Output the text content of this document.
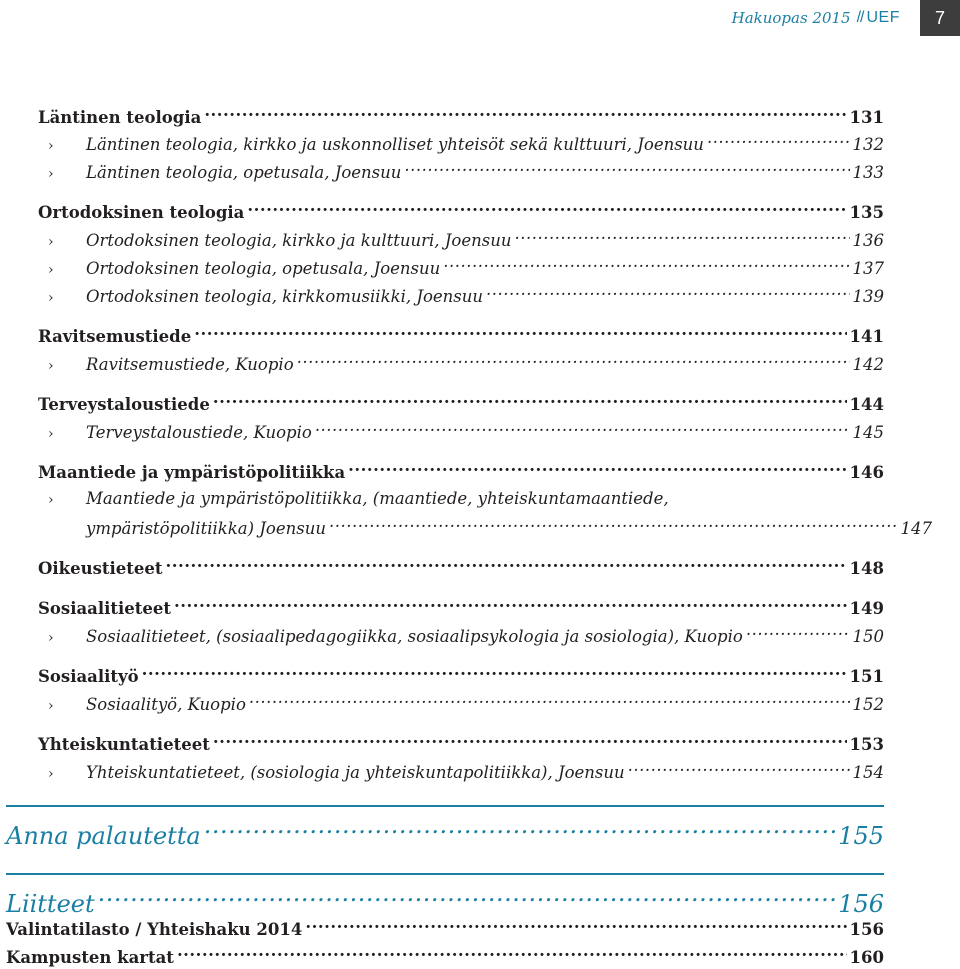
Hakuopas 2015 // UEF 7
Läntinen teologia .....	131
›	Läntinen teologia, kirkko ja uskonnolliset yhteisöt sekä kulttuuri, Joensuu .....	132
›	Läntinen teologia, opetusala, Joensuu .....	133
Ortodoksinen teologia .....	135
›	Ortodoksinen teologia, kirkko ja kulttuuri, Joensuu .....	136
›	Ortodoksinen teologia, opetusala, Joensuu .....	137
›	Ortodoksinen teologia, kirkkomusiikki, Joensuu .....	139
Ravitsemustiede .....	141
›	Ravitsemustiede, Kuopio .....	142
Terveystaloustiede .....	144
›	Terveystaloustiede, Kuopio .....	145
Maantiede ja ympäristöpolitiikka .....	146
›	Maantiede ja ympäristöpolitiikka, (maantiede, yhteiskuntamaantiede,
ympäristöpolitiikka) Joensuu .....	147
Oikeustieteet .....	148
Sosiaalitieteet .....	149
›	Sosiaalitieteet, (sosiaalipedagogiikka, sosiaalipsykologia ja sosiologia), Kuopio .....	150
Sosiaalityö .....	151
›	Sosiaalityö, Kuopio .....	152
Yhteiskuntatieteet .....	153
›	Yhteiskuntatieteet, (sosiologia ja yhteiskuntapolitiikka), Joensuu .....	154
Anna palautetta .....	155
Liitteet .....	156
Valintatilasto / Yhteishaku 2014 .....	156
Kampusten kartat .....	160
